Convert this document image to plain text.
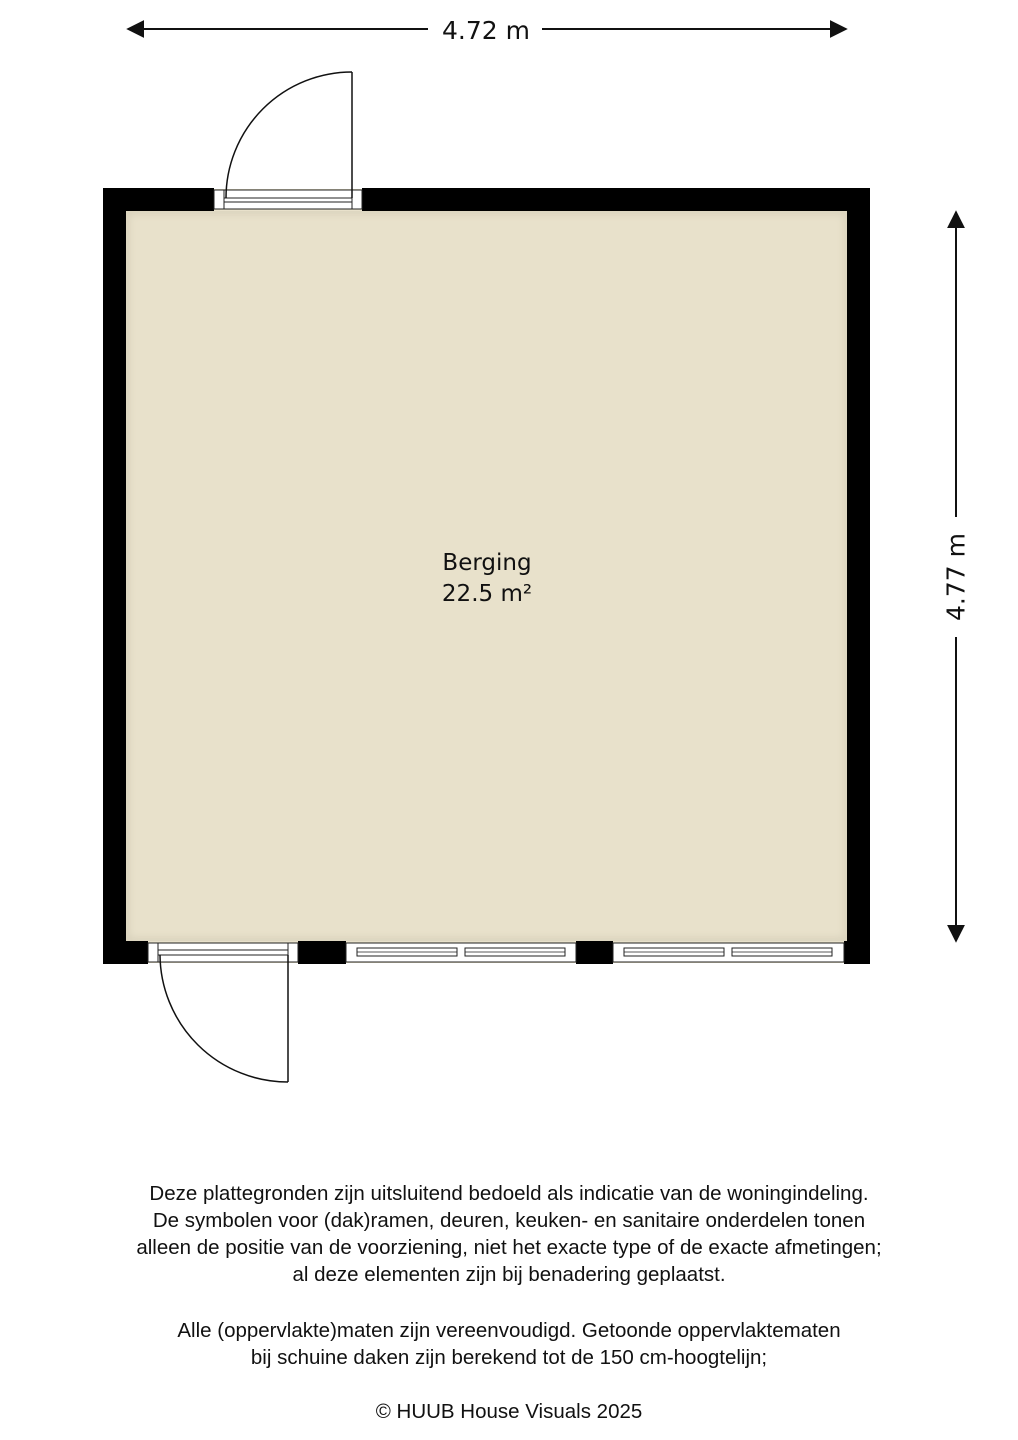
4.72 m
4.77 m
Berging
22.5 m²
Deze plattegronden zijn uitsluitend bedoeld als indicatie van de woningindeling.
De symbolen voor (dak)ramen, deuren, keuken- en sanitaire onderdelen tonen
alleen de positie van de voorziening, niet het exacte type of de exacte afmetingen;
al deze elementen zijn bij benadering geplaatst.
Alle (oppervlakte)maten zijn vereenvoudigd. Getoonde oppervlaktematen
bij schuine daken zijn berekend tot de 150 cm-hoogtelijn;
© HUUB House Visuals 2025
